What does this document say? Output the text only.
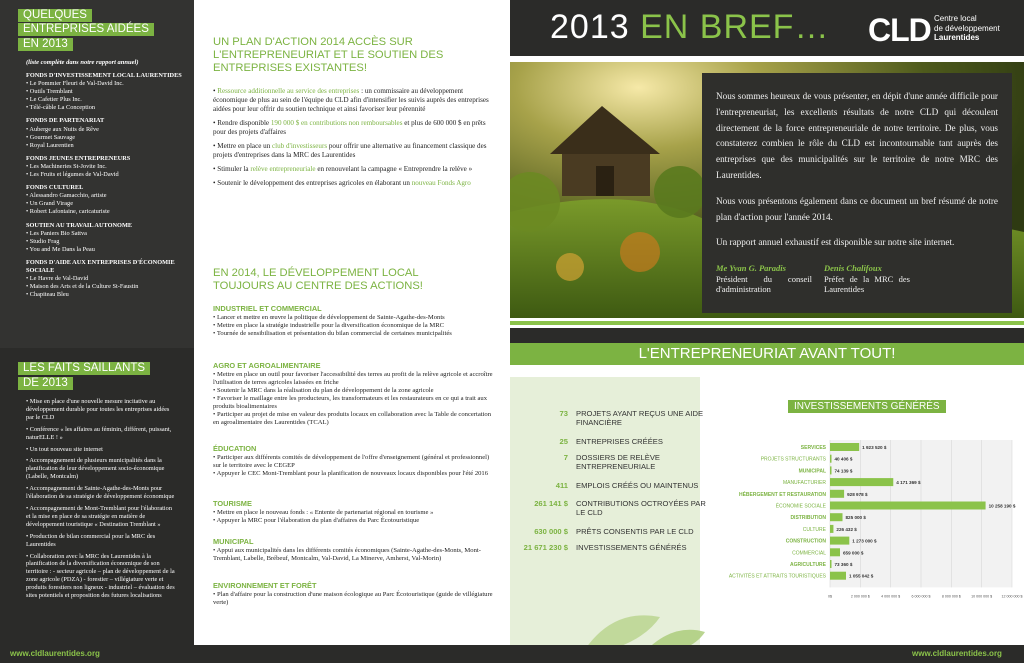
QUELQUES
ENTREPRISES AIDÉES
EN 2013
(liste complète dans notre rapport annuel)
FONDS D'INVESTISSEMENT LOCAL LAURENTIDES
• Le Pommier Fleuri de Val-David Inc.
• Outils Tremblant
• Le Cafetier Plus Inc.
• Télé-câble La Conception
FONDS DE PARTENARIAT
• Auberge aux Nuits de Rêve
• Gourmet Sauvage
• Royal Laurentien
FONDS JEUNES ENTREPRENEURS
• Les Machineries St-Jovite Inc.
• Les Fruits et légumes de Val-David
FONDS CULTUREL
• Alessandro Gamacchio, artiste
• Un Grand Virage
• Robert Lafontaine, caricaturiste
SOUTIEN AU TRAVAIL AUTONOME
• Les Paniers Bio Sattva
• Studio Frag
• You and Me Dans la Peau
FONDS D'AIDE AUX ENTREPRISES D'ÉCONOMIE SOCIALE
• Le Havre de Val-David
• Maison des Arts et de la Culture St-Faustin
• Chapiteau Bleu
LES FAITS SAILLANTS
DE 2013
• Mise en place d'une nouvelle mesure incitative au développement durable pour toutes les entreprises aidées par le CLD
• Conférence « les affaires au féminin, différent, puissant, naturELLE ! »
• Un tout nouveau site internet
• Accompagnement de plusieurs municipalités dans la planification de leur développement socio-économique (Labelle, Montcalm)
• Accompagnement de Sainte-Agathe-des-Monts pour l'élaboration de sa stratégie de développement économique
• Accompagnement de Mont-Tremblant pour l'élaboration et la mise en place de sa stratégie en matière de développement touristique « Destination Tremblant »
• Production de bilan commercial pour la MRC des Laurentides
• Collaboration avec la MRC des Laurentides à la planification de la diversification économique de son territoire : - secteur agricole – plan de développement de la zone agricole (PDZA) - forestier – villégiature verte et produits forestiers non ligneux - industriel – évaluation des sites potentiels et proposition des futures localisations
UN PLAN D'ACTION 2014 ACCÈS SUR L'ENTREPRENEURIAT ET LE SOUTIEN DES ENTREPRISES EXISTANTES!
• Ressource additionnelle au service des entreprises : un commissaire au développement économique de plus au sein de l'équipe du CLD afin d'intensifier les suivis auprès des entreprises aidées pour leur offrir du soutien technique et ainsi favoriser leur pérennité
• Rendre disponible 190 000 $ en contributions non remboursables et plus de 600 000 $ en prêts pour des projets d'affaires
• Mettre en place un club d'investisseurs pour offrir une alternative au financement classique des projets d'entreprises dans la MRC des Laurentides
• Stimuler la relève entrepreneuriale en renouvelant la campagne « Entreprendre la relève »
• Soutenir le développement des entreprises agricoles en élaborant un nouveau Fonds Agro
EN 2014, LE DÉVELOPPEMENT LOCAL TOUJOURS AU CENTRE DES ACTIONS!
INDUSTRIEL ET COMMERCIAL
• Lancer et mettre en œuvre la politique de développement de Sainte-Agathe-des-Monts
• Mettre en place la stratégie industrielle pour la diversification économique de la MRC
• Tournée de sensibilisation et présentation du bilan commercial de certaines municipalités
AGRO ET AGROALIMENTAIRE
• Mettre en place un outil pour favoriser l'accessibilité des terres au profit de la relève agricole et accroître l'utilisation de terres agricoles laissées en friche
• Soutenir la MRC dans la réalisation du plan de développement de la zone agricole
• Favoriser le maillage entre les producteurs, les transformateurs et les restaurateurs en ce qui a trait aux produits bioalimentaires
• Participer au projet de mise en valeur des produits locaux en collaboration avec la Table de concertation en agroalimentaire des Laurentides (TCAL)
ÉDUCATION
• Participer aux différents comités de développement de l'offre d'enseignement (général et professionnel) sur le territoire avec le CEGEP
• Appuyer le CEC Mont-Tremblant pour la planification de nouveaux locaux disponibles pour l'été 2016
TOURISME
• Mettre en place le nouveau fonds : « Entente de partenariat régional en tourisme »
• Appuyer la MRC pour l'élaboration du plan d'affaires du Parc Écotouristique
MUNICIPAL
• Appui aux municipalités dans les différents comités économiques (Sainte-Agathe-des-Monts, Mont-Tremblant, Labelle, Brébeuf, Montcalm, Val-David, La Minerve, Amherst, Val-Morin)
ENVIRONNEMENT ET FORÊT
• Plan d'affaire pour la construction d'une maison écologique au Parc Écotouristique (guide de villégiature verte)
2013 EN BREF… CLD Centre local
de développement
Laurentides

Nous sommes heureux de vous présenter, en dépit d'une année difficile pour l'entrepreneuriat, les excellents résultats de notre CLD qui découlent directement de la force entrepreneuriale de notre territoire. De plus, vous constaterez combien le rôle du CLD est incontournable tant auprès des entreprises que des municipalités sur le territoire de notre MRC des Laurentides.

Nous vous présentons également dans ce document un bref résumé de notre plan d'action pour l'année 2014.

Un rapport annuel exhaustif est disponible sur notre site internet.

Me Yvan G. Paradis
Président du conseil d'administration
Denis Chalifoux
Préfet de la MRC des Laurentides
L'ENTREPRENEURIAT AVANT TOUT!
73 PROJETS AYANT REÇUS UNE AIDE FINANCIÈRE
25 ENTREPRISES CRÉÉES
7 DOSSIERS DE RELÈVE ENTREPRENEURIALE
411 EMPLOIS CRÉÉS OU MAINTENUS
261 141 $ CONTRIBUTIONS OCTROYÉES PAR LE CLD
630 000 $ PRÊTS CONSENTIS PAR LE CLD
21 671 230 $ INVESTISSEMENTS GÉNÉRÉS
INVESTISSEMENTS GÉNÉRÉS
0$	2 000 000 $	4 000 000 $	6 000 000 $	8 000 000 $	10 000 000 $	12 000 000 $
SERVICES	1 923 520 $
PROJETS STRUCTURANTS 40 406 $
MUNICIPAL 74 139 $
MANUFACTURIER	4 171 369 $
HÉBERGEMENT ET RESTAURATION	928 978 $
ÉCONOMIE SOCIALE	10 258 190 $
DISTRIBUTION	825 000 $
CULTURE 226 432 $
CONSTRUCTION	1 273 000 $
COMMERCIAL	659 000 $
AGRICULTURE 73 360 $
ACTIVITÉS ET ATTRAITS TOURISTIQUES	1 055 042 $
www.cldlaurentides.org	www.cldlaurentides.org
